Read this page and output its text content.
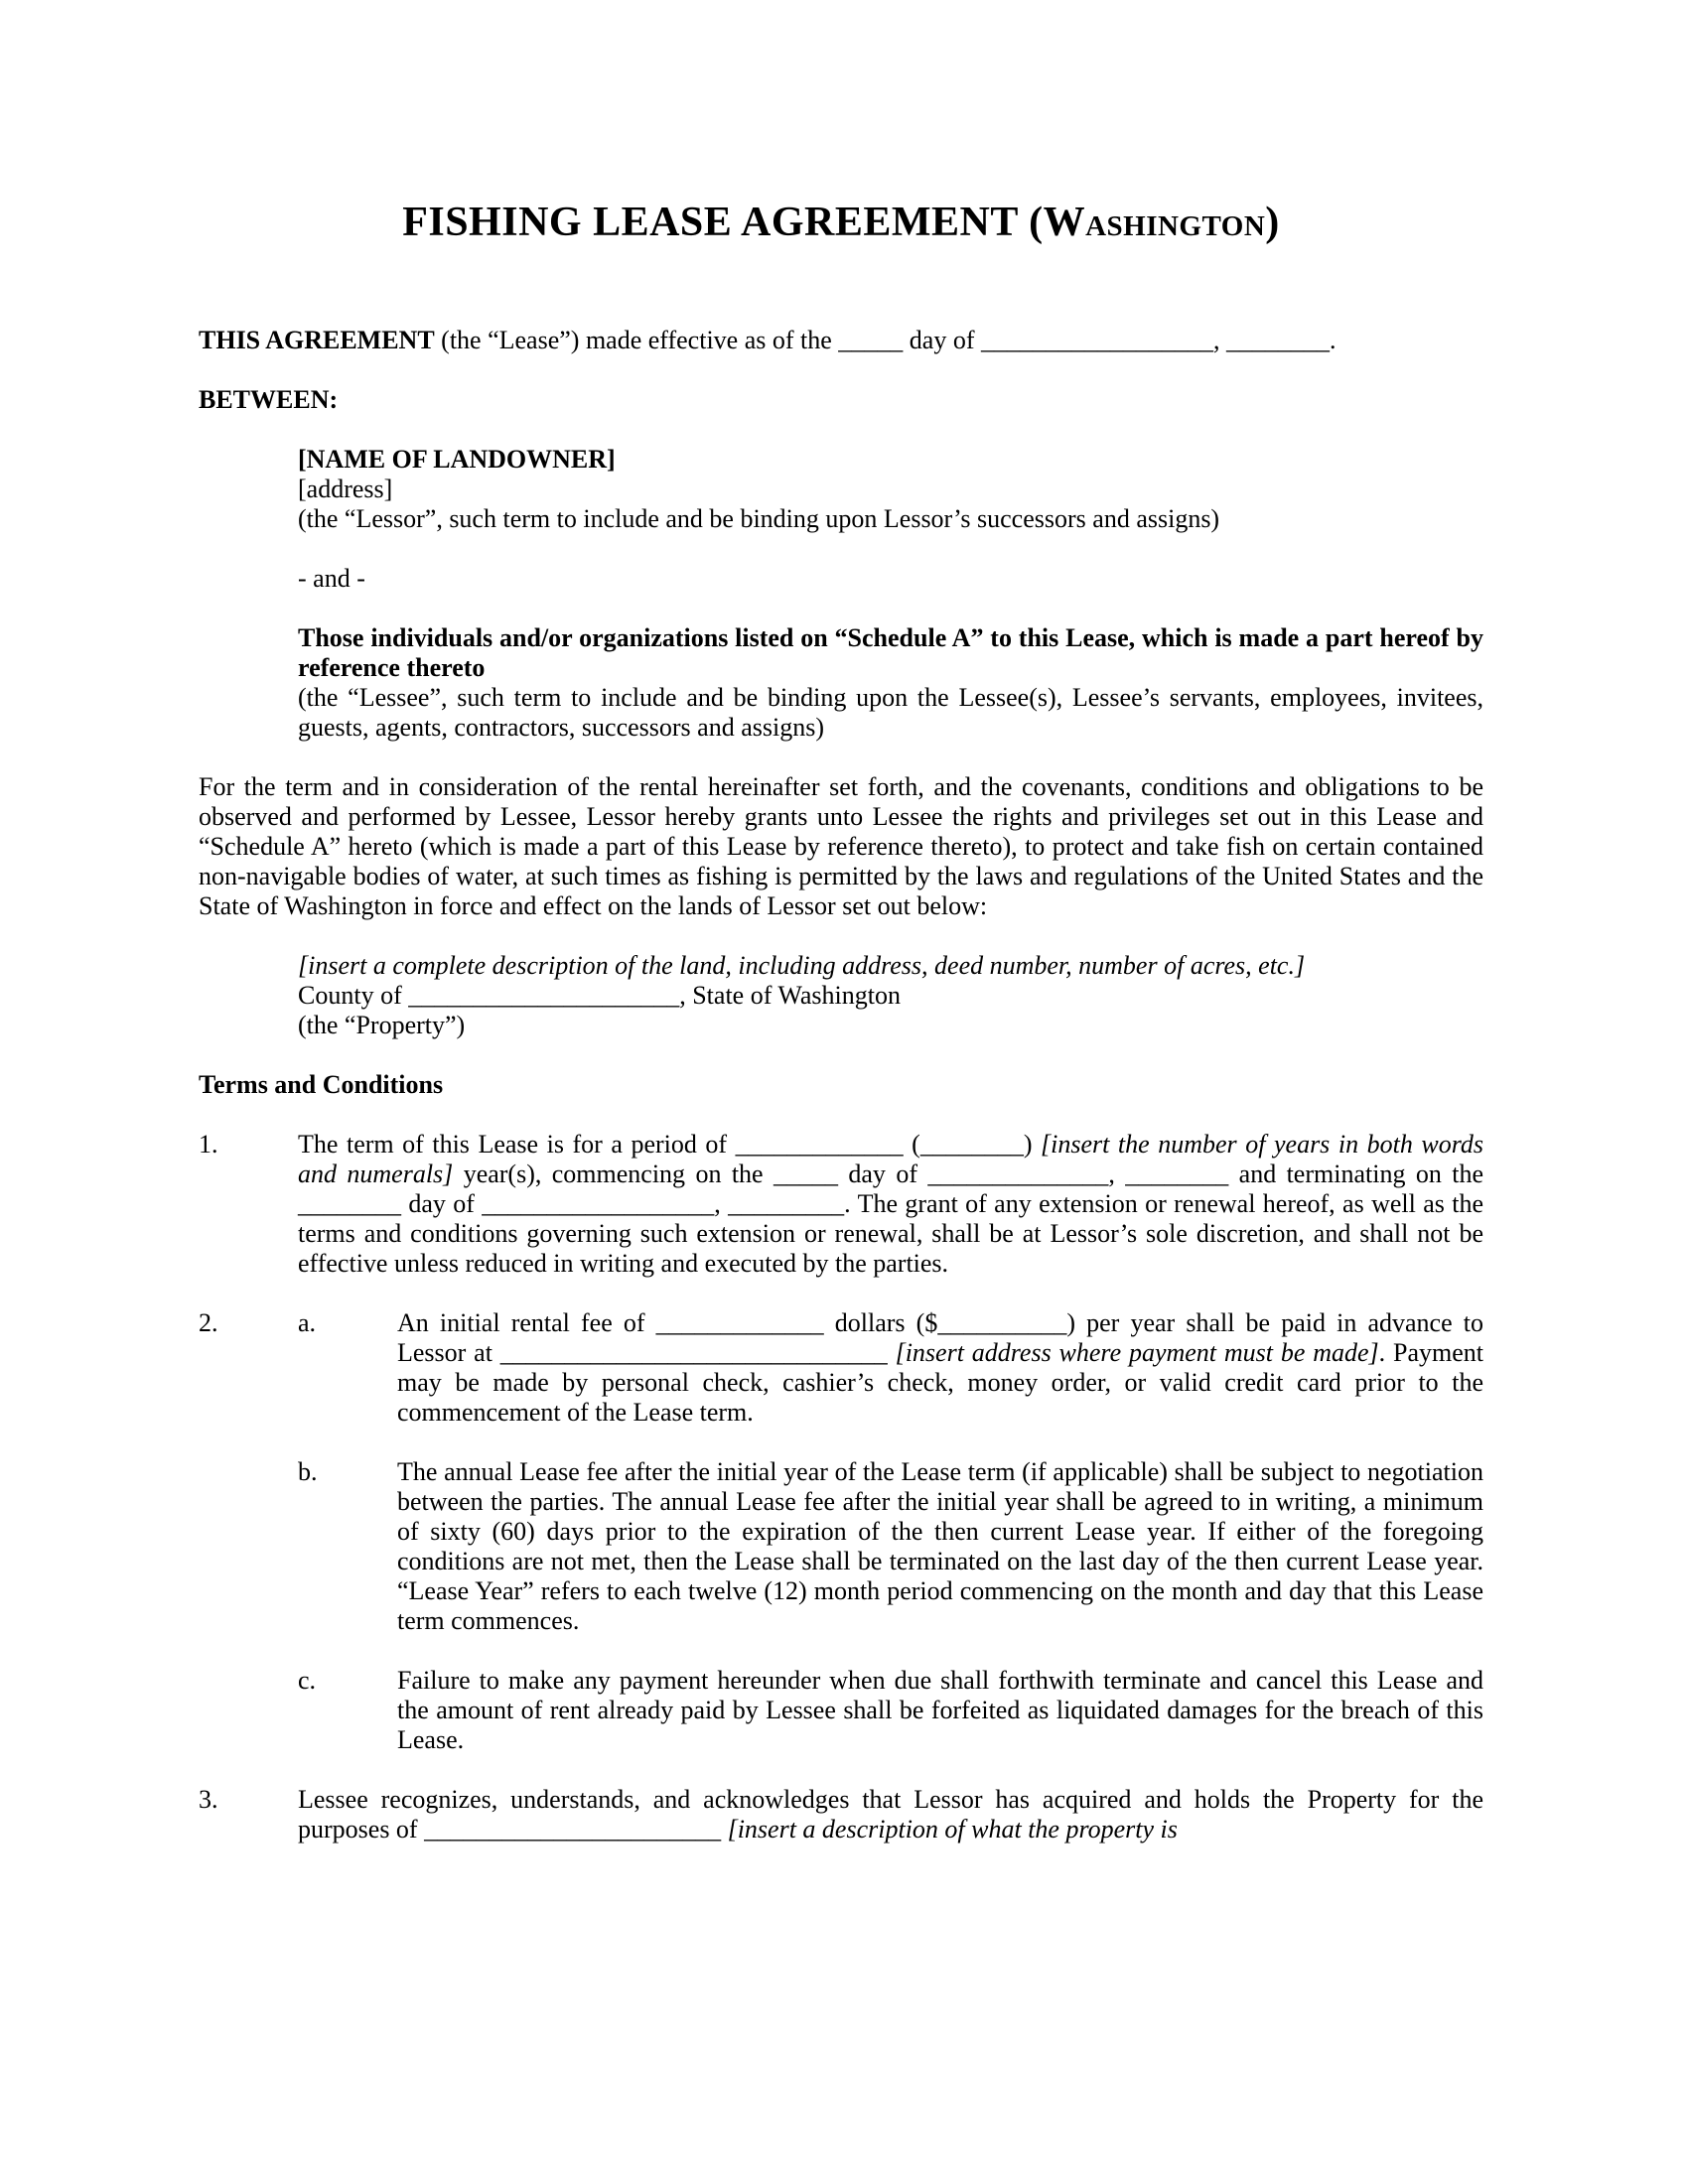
FISHING LEASE AGREEMENT (Washington)

THIS AGREEMENT (the “Lease”) made effective as of the _____ day of __________________, ________.

BETWEEN:

[NAME OF LANDOWNER]

[address]

(the “Lessor”, such term to include and be binding upon Lessor’s successors and assigns)

- and -

Those individuals and/or organizations listed on “Schedule A” to this Lease, which is made a part hereof by reference thereto

(the “Lessee”, such term to include and be binding upon the Lessee(s), Lessee’s servants, employees, invitees, guests, agents, contractors, successors and assigns)

For the term and in consideration of the rental hereinafter set forth, and the covenants, conditions and obligations to be observed and performed by Lessee, Lessor hereby grants unto Lessee the rights and privileges set out in this Lease and “Schedule A” hereto (which is made a part of this Lease by reference thereto), to protect and take fish on certain contained non-navigable bodies of water, at such times as fishing is permitted by the laws and regulations of the United States and the State of Washington in force and effect on the lands of Lessor set out below:

[insert a complete description of the land, including address, deed number, number of acres, etc.]

County of _____________________, State of Washington

(the “Property”)

Terms and Conditions

1.	The term of this Lease is for a period of _____________ (________) [insert the number of years in both words and numerals] year(s), commencing on the _____ day of ______________, ________ and terminating on the ________ day of __________________, _________. The grant of any extension or renewal hereof, as well as the terms and conditions governing such extension or renewal, shall be at Lessor’s sole discretion, and shall not be effective unless reduced in writing and executed by the parties.

2.	a.	An initial rental fee of _____________ dollars ($__________) per year shall be paid in advance to Lessor at ______________________________ [insert address where payment must be made]. Payment may be made by personal check, cashier’s check, money order, or valid credit card prior to the commencement of the Lease term.

b.	The annual Lease fee after the initial year of the Lease term (if applicable) shall be subject to negotiation between the parties. The annual Lease fee after the initial year shall be agreed to in writing, a minimum of sixty (60) days prior to the expiration of the then current Lease year. If either of the foregoing conditions are not met, then the Lease shall be terminated on the last day of the then current Lease year. “Lease Year” refers to each twelve (12) month period commencing on the month and day that this Lease term commences.

c.	Failure to make any payment hereunder when due shall forthwith terminate and cancel this Lease and the amount of rent already paid by Lessee shall be forfeited as liquidated damages for the breach of this Lease.

3.	Lessee recognizes, understands, and acknowledges that Lessor has acquired and holds the Property for the purposes of _______________________ [insert a description of what the property is
